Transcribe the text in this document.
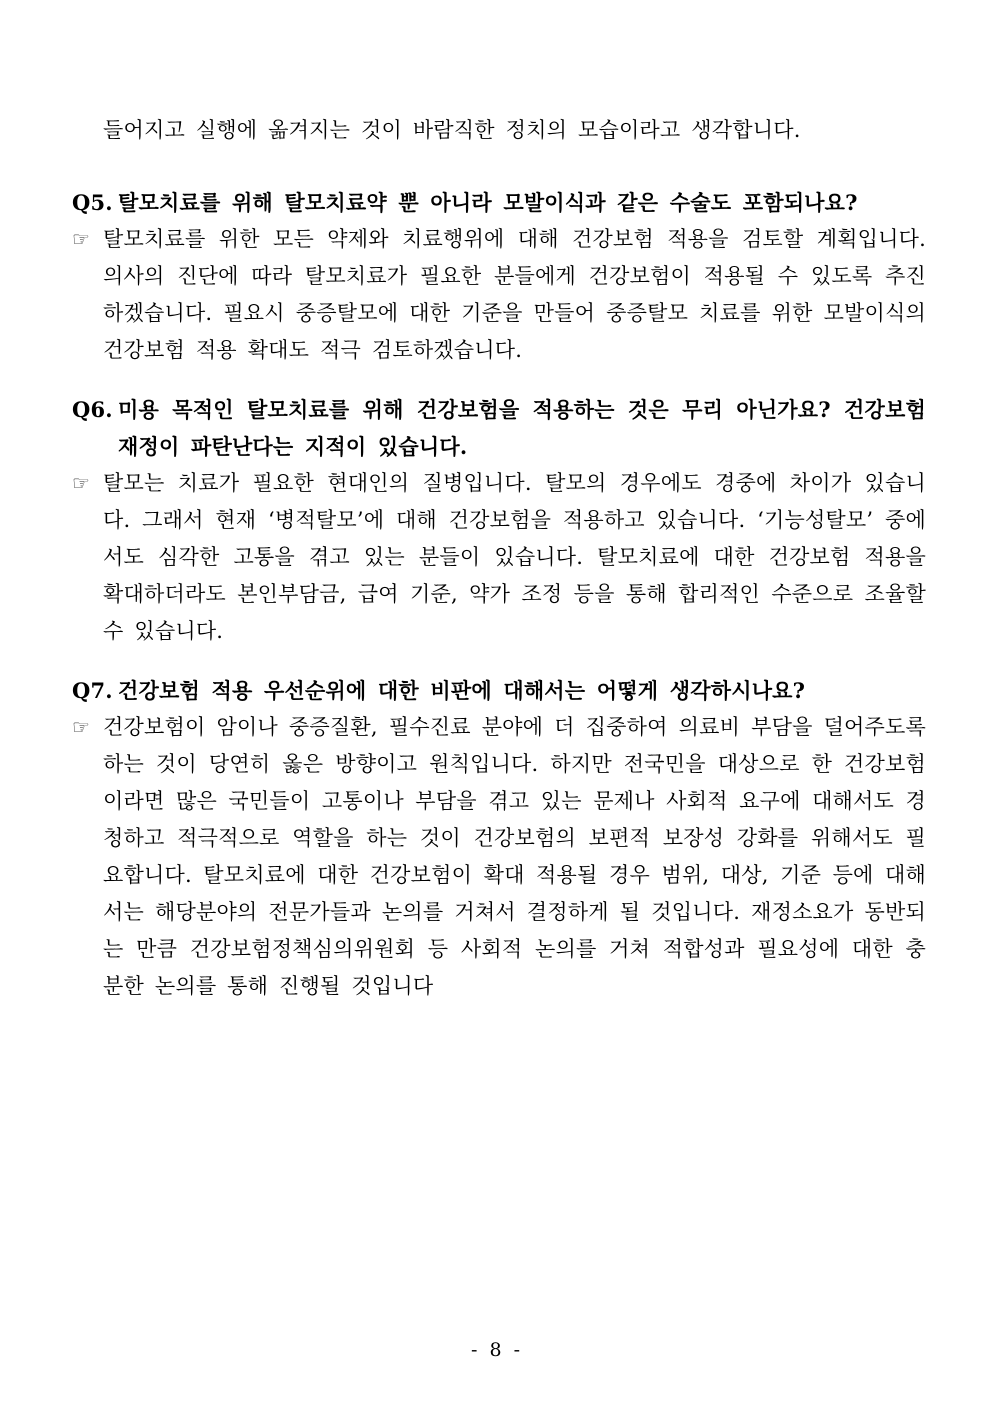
들어지고 실행에 옮겨지는 것이 바람직한 정치의 모습이라고 생각합니다.

Q5. 탈모치료를 위해 탈모치료약 뿐 아니라 모발이식과 같은 수술도 포함되나요?

☞ 탈모치료를 위한 모든 약제와 치료행위에 대해 건강보험 적용을 검토할 계획입니다. 의사의 진단에 따라 탈모치료가 필요한 분들에게 건강보험이 적용될 수 있도록 추진하겠습니다. 필요시 중증탈모에 대한 기준을 만들어 중증탈모 치료를 위한 모발이식의 건강보험 적용 확대도 적극 검토하겠습니다.

Q6. 미용 목적인 탈모치료를 위해 건강보험을 적용하는 것은 무리 아닌가요? 건강보험 재정이 파탄난다는 지적이 있습니다.

☞ 탈모는 치료가 필요한 현대인의 질병입니다. 탈모의 경우에도 경중에 차이가 있습니다. 그래서 현재 ‘병적탈모’에 대해 건강보험을 적용하고 있습니다. ‘기능성탈모’ 중에서도 심각한 고통을 겪고 있는 분들이 있습니다. 탈모치료에 대한 건강보험 적용을 확대하더라도 본인부담금, 급여 기준, 약가 조정 등을 통해 합리적인 수준으로 조율할 수 있습니다.

Q7. 건강보험 적용 우선순위에 대한 비판에 대해서는 어떻게 생각하시나요?

☞ 건강보험이 암이나 중증질환, 필수진료 분야에 더 집중하여 의료비 부담을 덜어주도록 하는 것이 당연히 옳은 방향이고 원칙입니다. 하지만 전국민을 대상으로 한 건강보험이라면 많은 국민들이 고통이나 부담을 겪고 있는 문제나 사회적 요구에 대해서도 경청하고 적극적으로 역할을 하는 것이 건강보험의 보편적 보장성 강화를 위해서도 필요합니다. 탈모치료에 대한 건강보험이 확대 적용될 경우 범위, 대상, 기준 등에 대해서는 해당분야의 전문가들과 논의를 거쳐서 결정하게 될 것입니다. 재정소요가 동반되는 만큼 건강보험정책심의위원회 등 사회적 논의를 거쳐 적합성과 필요성에 대한 충분한 논의를 통해 진행될 것입니다

- 8 -
